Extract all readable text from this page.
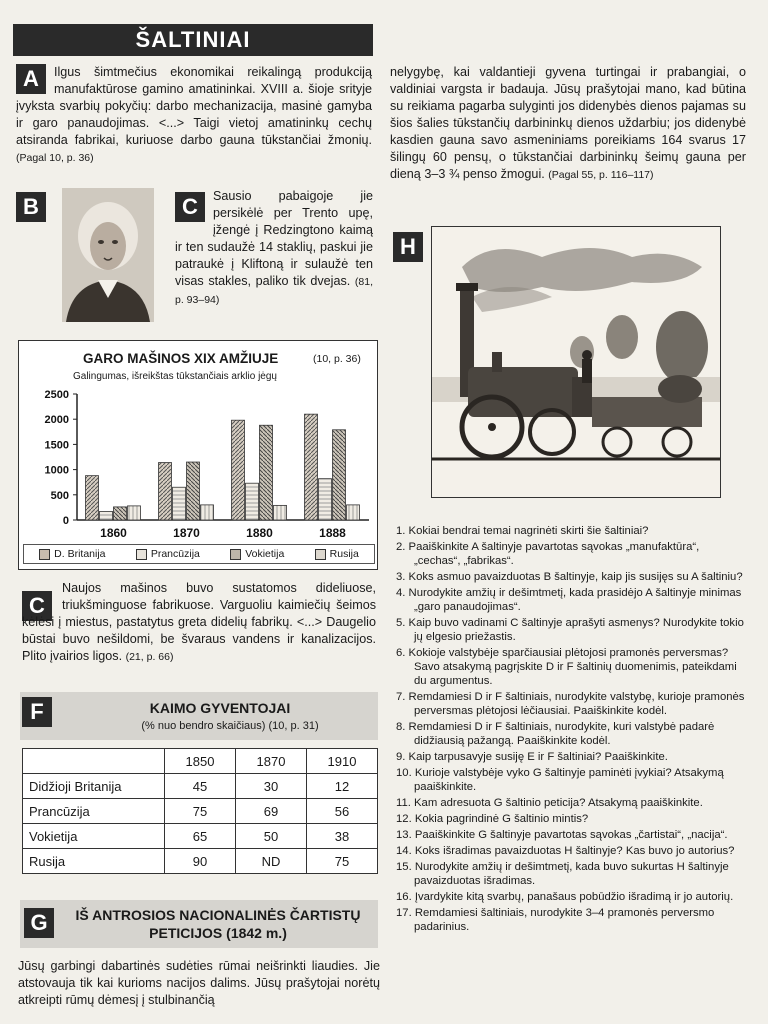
ŠALTINIAI
A	Ilgus šimtmečius ekonomikai reikalingą produkciją manufaktūrose gamino amatininkai. XVIII a. šioje srityje įvyksta svarbių pokyčių: darbo mechanizacija, masinė gamyba ir garo panaudojimas. <...> Taigi vietoj amatininkų cechų atsiranda fabrikai, kuriuose darbo gauna tūkstančiai žmonių. (Pagal 10, p. 36)
B	C	Sausio pabaigoje jie persikėlė per Trento upę, įžengė į Redzingtono kaimą ir ten sudaužė 14 staklių, paskui jie patraukė į Kliftoną ir sulaužė ten visas stakles, paliko tik dvejas. (81, p. 93–94)
nelygybę, kai valdantieji gyvena turtingai ir prabangiai, o valdiniai vargsta ir badauja. Jūsų prašytojai mano, kad būtina su reikiama pagarba sulyginti jos didenybės dienos pajamas su šios šalies tūkstančių darbininkų dienos uždarbiu; jos didenybė kasdien gauna savo asmeniniams poreikiams 164 svarus 17 šilingų 60 pensų, o tūkstančiai darbininkų šeimų gauna per dieną 3–3 ¾ penso žmogui. (Pagal 55, p. 116–117)
H
GARO MAŠINOS XIX AMŽIUJE	(10, p. 36)
Galingumas, išreikštas tūkstančiais arklio jėgų
0
500
1000
1500
2000
2500
1860	1870	1880	1888
D. Britanija	Prancūzija	Vokietija	Rusija
C
Naujos mašinos buvo sustatomos dideliuose, triukšminguose fabrikuose. Varguoliu kaimiečių šeimos kėlėsi į miestus, pastatytus greta didelių fabrikų. <...> Daugelio būstai buvo nešildomi, be švaraus vandens ir kanalizacijos. Plito įvairios ligos. (21, p. 66)
F	KAIMO GYVENTOJAI
(% nuo bendro skaičiaus) (10, p. 31)
	1850	1870	1910
Didžioji Britanija	45	30	12
Prancūzija	75	69	56
Vokietija	65	50	38
Rusija	90	ND	75
G	IŠ ANTROSIOS NACIONALINĖS ČARTISTŲ
PETICIJOS (1842 m.)
Jūsų garbingi dabartinės sudėties rūmai neišrinkti liaudies. Jie atstovauja tik kai kurioms nacijos dalims. Jūsų prašytojai norėtų atkreipti rūmų dėmesį į stulbinančią

1. Kokiai bendrai temai nagrinėti skirti šie šaltiniai?

2. Paaiškinkite A šaltinyje pavartotas sąvokas „manufaktūra“, „cechas“, „fabrikas“.

3. Koks asmuo pavaizduotas B šaltinyje, kaip jis susijęs su A šaltiniu?

4. Nurodykite amžių ir dešimtmetį, kada prasidėjo A šaltinyje minimas „garo panaudojimas“.

5. Kaip buvo vadinami C šaltinyje aprašyti asmenys? Nurodykite tokio jų elgesio priežastis.

6. Kokioje valstybėje sparčiausiai plėtojosi pramonės perversmas? Savo atsakymą pagrįskite D ir F šaltinių duomenimis, pateikdami du argumentus.

7. Remdamiesi D ir F šaltiniais, nurodykite valstybę, kurioje pramonės perversmas plėtojosi lėčiausiai. Paaiškinkite kodėl.

8. Remdamiesi D ir F šaltiniais, nurodykite, kuri valstybė padarė didžiausią pažangą. Paaiškinkite kodėl.

9. Kaip tarpusavyje susiję E ir F šaltiniai? Paaiškinkite.

10. Kurioje valstybėje vyko G šaltinyje paminėti įvykiai? Atsakymą paaiškinkite.

11. Kam adresuota G šaltinio peticija? Atsakymą paaiškinkite.

12. Kokia pagrindinė G šaltinio mintis?

13. Paaiškinkite G šaltinyje pavartotas sąvokas „čartistai“, „nacija“.

14. Koks išradimas pavaizduotas H šaltinyje? Kas buvo jo autorius?

15. Nurodykite amžių ir dešimtmetį, kada buvo sukurtas H šaltinyje pavaizduotas išradimas.

16. Įvardykite kitą svarbų, panašaus pobūdžio išradimą ir jo autorių.

17. Remdamiesi šaltiniais, nurodykite 3–4 pramonės perversmo padarinius.
